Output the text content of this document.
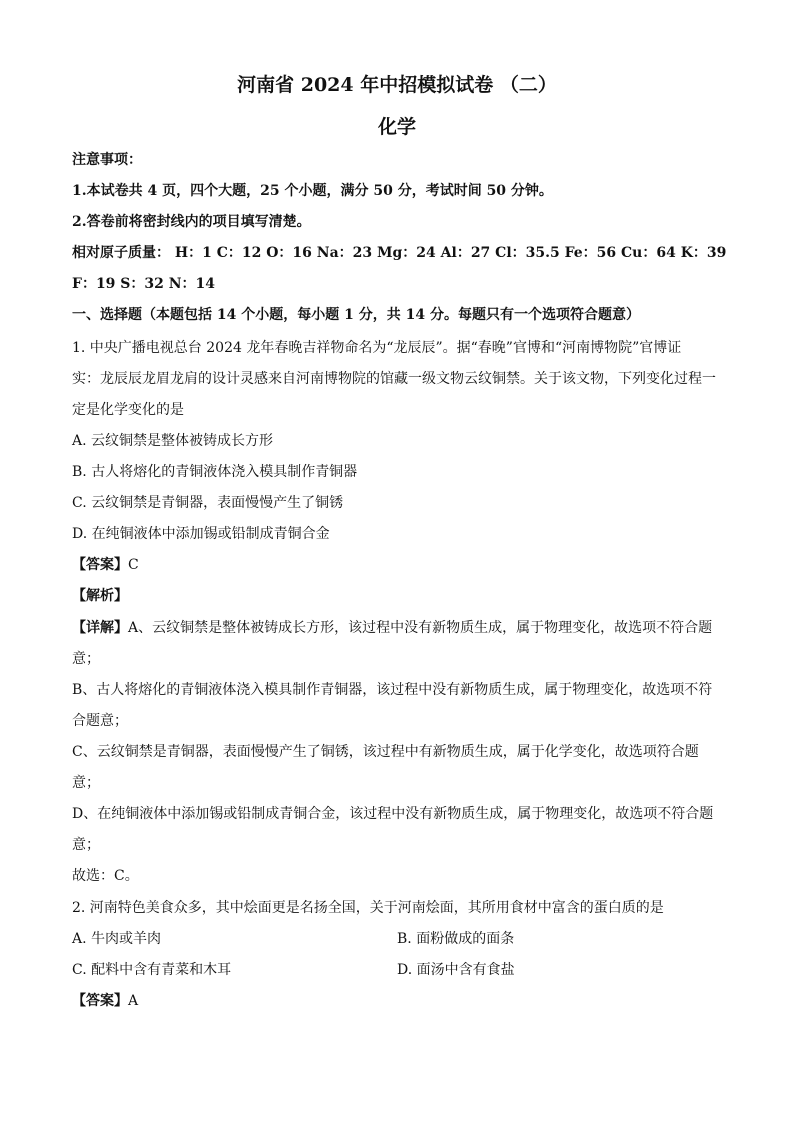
河南省 2024 年中招模拟试卷 （二）
化学
注意事项：
1.本试卷共 4 页，四个大题，25 个小题，满分 50 分，考试时间 50 分钟。
2.答卷前将密封线内的项目填写清楚。
相对原子质量： H：1 C：12 O：16 Na：23 Mg：24 Al：27 Cl：35.5 Fe：56 Cu：64 K：39
F：19 S：32 N：14
一、选择题（本题包括 14 个小题，每小题 1 分，共 14 分。每题只有一个选项符合题意）
1. 中央广播电视总台 2024 龙年春晚吉祥物命名为“龙辰辰”。据“春晚”官博和“河南博物院”官博证
实：龙辰辰龙眉龙肩的设计灵感来自河南博物院的馆藏一级文物云纹铜禁。关于该文物，下列变化过程一
定是化学变化的是
A. 云纹铜禁是整体被铸成长方形
B. 古人将熔化的青铜液体浇入模具制作青铜器
C. 云纹铜禁是青铜器，表面慢慢产生了铜锈
D. 在纯铜液体中添加锡或铅制成青铜合金
【答案】C
【解析】
【详解】A、云纹铜禁是整体被铸成长方形，该过程中没有新物质生成，属于物理变化，故选项不符合题
意；
B、古人将熔化的青铜液体浇入模具制作青铜器，该过程中没有新物质生成，属于物理变化，故选项不符
合题意；
C、云纹铜禁是青铜器，表面慢慢产生了铜锈，该过程中有新物质生成，属于化学变化，故选项符合题
意；
D、在纯铜液体中添加锡或铅制成青铜合金，该过程中没有新物质生成，属于物理变化，故选项不符合题
意；
故选：C。
2. 河南特色美食众多，其中烩面更是名扬全国，关于河南烩面，其所用食材中富含的蛋白质的是
A. 牛肉或羊肉	B. 面粉做成的面条
C. 配料中含有青菜和木耳	D. 面汤中含有食盐
【答案】A
